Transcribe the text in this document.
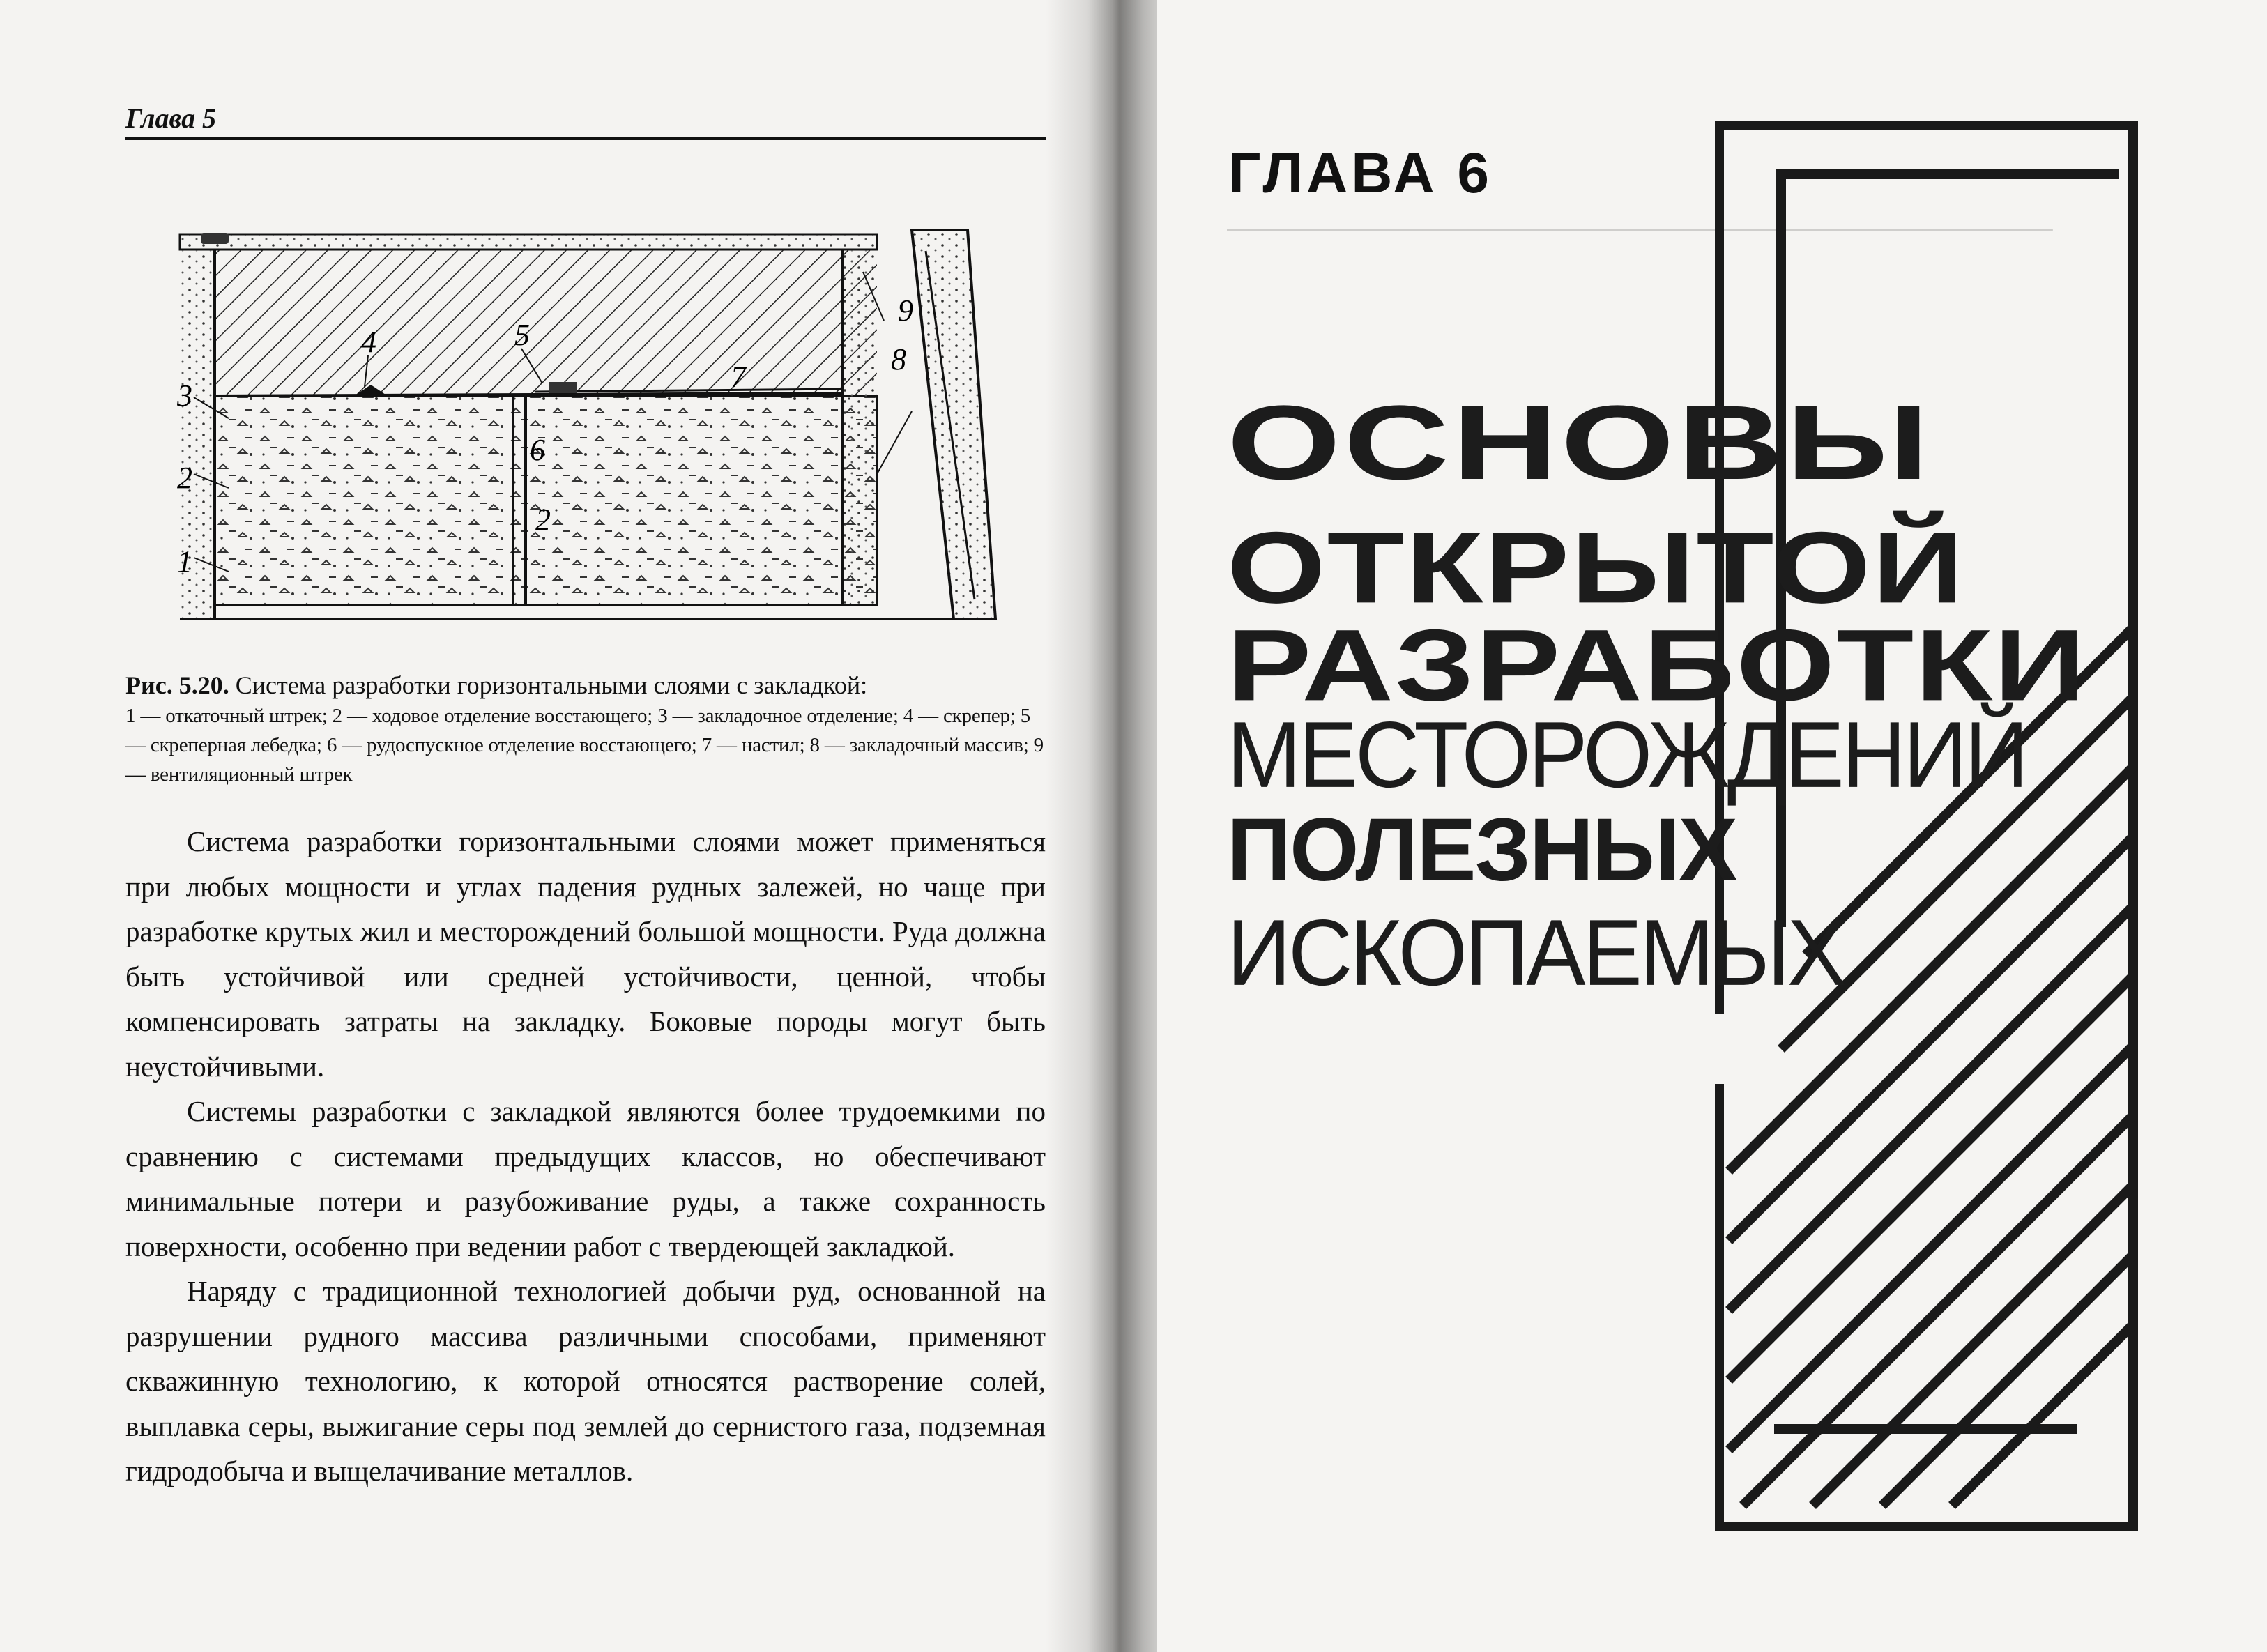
Глава 5
1
2
3
4	5
6
2
7
8
9
Рис. 5.20. Система разработки горизонтальными слоями с закладкой:
1 — откаточный штрек; 2 — ходовое отделение восстающего; 3 — закладочное отделение; 4 — скрепер; 5 — скреперная лебедка; 6 — рудоспускное отделение восстающего; 7 — настил; 8 — закладочный массив; 9 — вентиляционный штрек

Система разработки горизонтальными слоями может применяться при любых мощности и углах падения рудных залежей, но чаще при разработке крутых жил и месторождений большой мощности. Руда должна быть устойчивой или средней устойчивости, ценной, чтобы компенсировать затраты на закладку. Боковые породы могут быть неустойчивыми.

Системы разработки с закладкой являются более трудоемкими по сравнению с системами предыдущих классов, но обеспечивают минимальные потери и разубоживание руды, а также сохранность поверхности, особенно при ведении работ с твердеющей закладкой.

Наряду с традиционной технологией добычи руд, основанной на разрушении рудного массива различными способами, применяют скважинную технологию, к которой относятся растворение солей, выплавка серы, выжигание серы под землей до сернистого газа, подземная гидродобыча и выщелачивание металлов.

──────────────────────────────────────
ГЛАВА 6
ОСНОВЫ
ОТКРЫТОЙ
РАЗРАБОТКИ
МЕСТОРОЖДЕНИЙ
ПОЛЕЗНЫХ
ИСКОПАЕМЫХ
